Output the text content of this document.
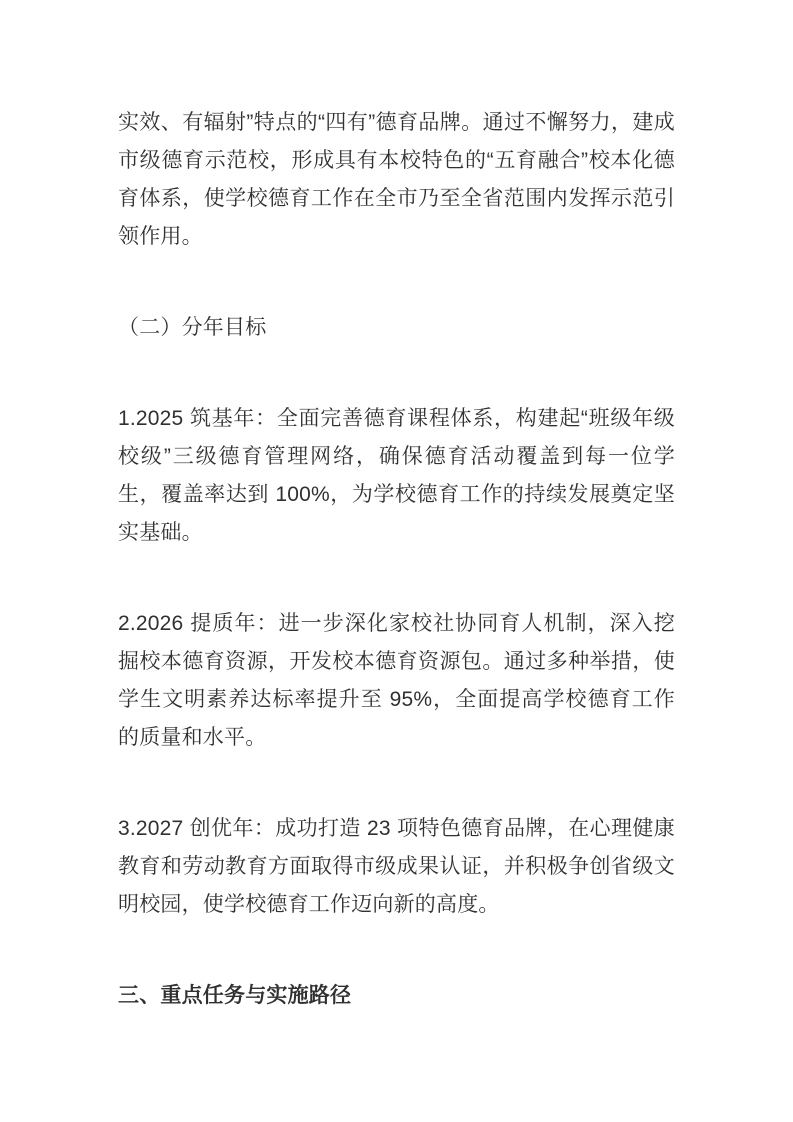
实效、有辐射”特点的“四有”德育品牌。通过不懈努力，建成市级德育示范校，形成具有本校特色的“五育融合”校本化德育体系，使学校德育工作在全市乃至全省范围内发挥示范引领作用。

（二）分年目标

1.2025 筑基年：全面完善德育课程体系，构建起“班级年级校级”三级德育管理网络，确保德育活动覆盖到每一位学生，覆盖率达到 100%，为学校德育工作的持续发展奠定坚实基础。

2.2026 提质年：进一步深化家校社协同育人机制，深入挖掘校本德育资源，开发校本德育资源包。通过多种举措，使学生文明素养达标率提升至 95%，全面提高学校德育工作的质量和水平。

3.2027 创优年：成功打造 23 项特色德育品牌，在心理健康教育和劳动教育方面取得市级成果认证，并积极争创省级文明校园，使学校德育工作迈向新的高度。

三、重点任务与实施路径
